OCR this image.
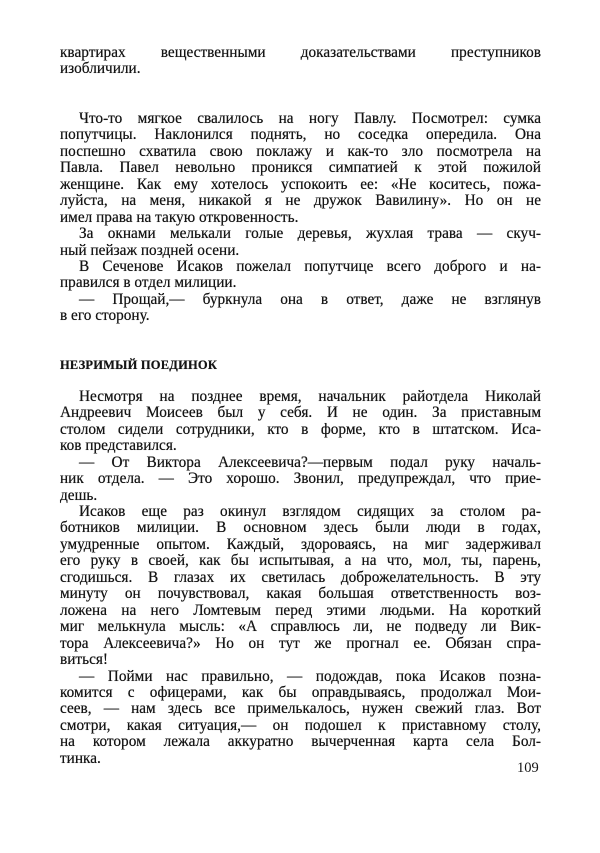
квартирах вещественными доказательствами преступников
изобличили.
Что-то мягкое свалилось на ногу Павлу. Посмотрел: сумка
попутчицы. Наклонился поднять, но соседка опередила. Она
поспешно схватила свою поклажу и как-то зло посмотрела на
Павла. Павел невольно проникся симпатией к этой пожилой
женщине. Как ему хотелось успокоить ее: «Не коситесь, пожа-
луйста, на меня, никакой я не дружок Вавилину». Но он не
имел права на такую откровенность.
За окнами мелькали голые деревья, жухлая трава — скуч-
ный пейзаж поздней осени.
В Сеченове Исаков пожелал попутчице всего доброго и на-
правился в отдел милиции.
— Прощай,— буркнула она в ответ, даже не взглянув
в его сторону.
НЕЗРИМЫЙ ПОЕДИНОК
Несмотря на позднее время, начальник райотдела Николай
Андреевич Моисеев был у себя. И не один. За приставным
столом сидели сотрудники, кто в форме, кто в штатском. Иса-
ков представился.
— От Виктора Алексеевича?—первым подал руку началь-
ник отдела. — Это хорошо. Звонил, предупреждал, что прие-
дешь.
Исаков еще раз окинул взглядом сидящих за столом ра-
ботников милиции. В основном здесь были люди в годах,
умудренные опытом. Каждый, здороваясь, на миг задерживал
его руку в своей, как бы испытывая, а на что, мол, ты, парень,
сгодишься. В глазах их светилась доброжелательность. В эту
минуту он почувствовал, какая большая ответственность воз-
ложена на него Ломтевым перед этими людьми. На короткий
миг мелькнула мысль: «А справлюсь ли, не подведу ли Вик-
тора Алексеевича?» Но он тут же прогнал ее. Обязан спра-
виться!
— Пойми нас правильно, — подождав, пока Исаков позна-
комится с офицерами, как бы оправдываясь, продолжал Мои-
сеев, — нам здесь все примелькалось, нужен свежий глаз. Вот
смотри, какая ситуация,— он подошел к приставному столу,
на котором лежала аккуратно вычерченная карта села Бол-
тинка.
109
